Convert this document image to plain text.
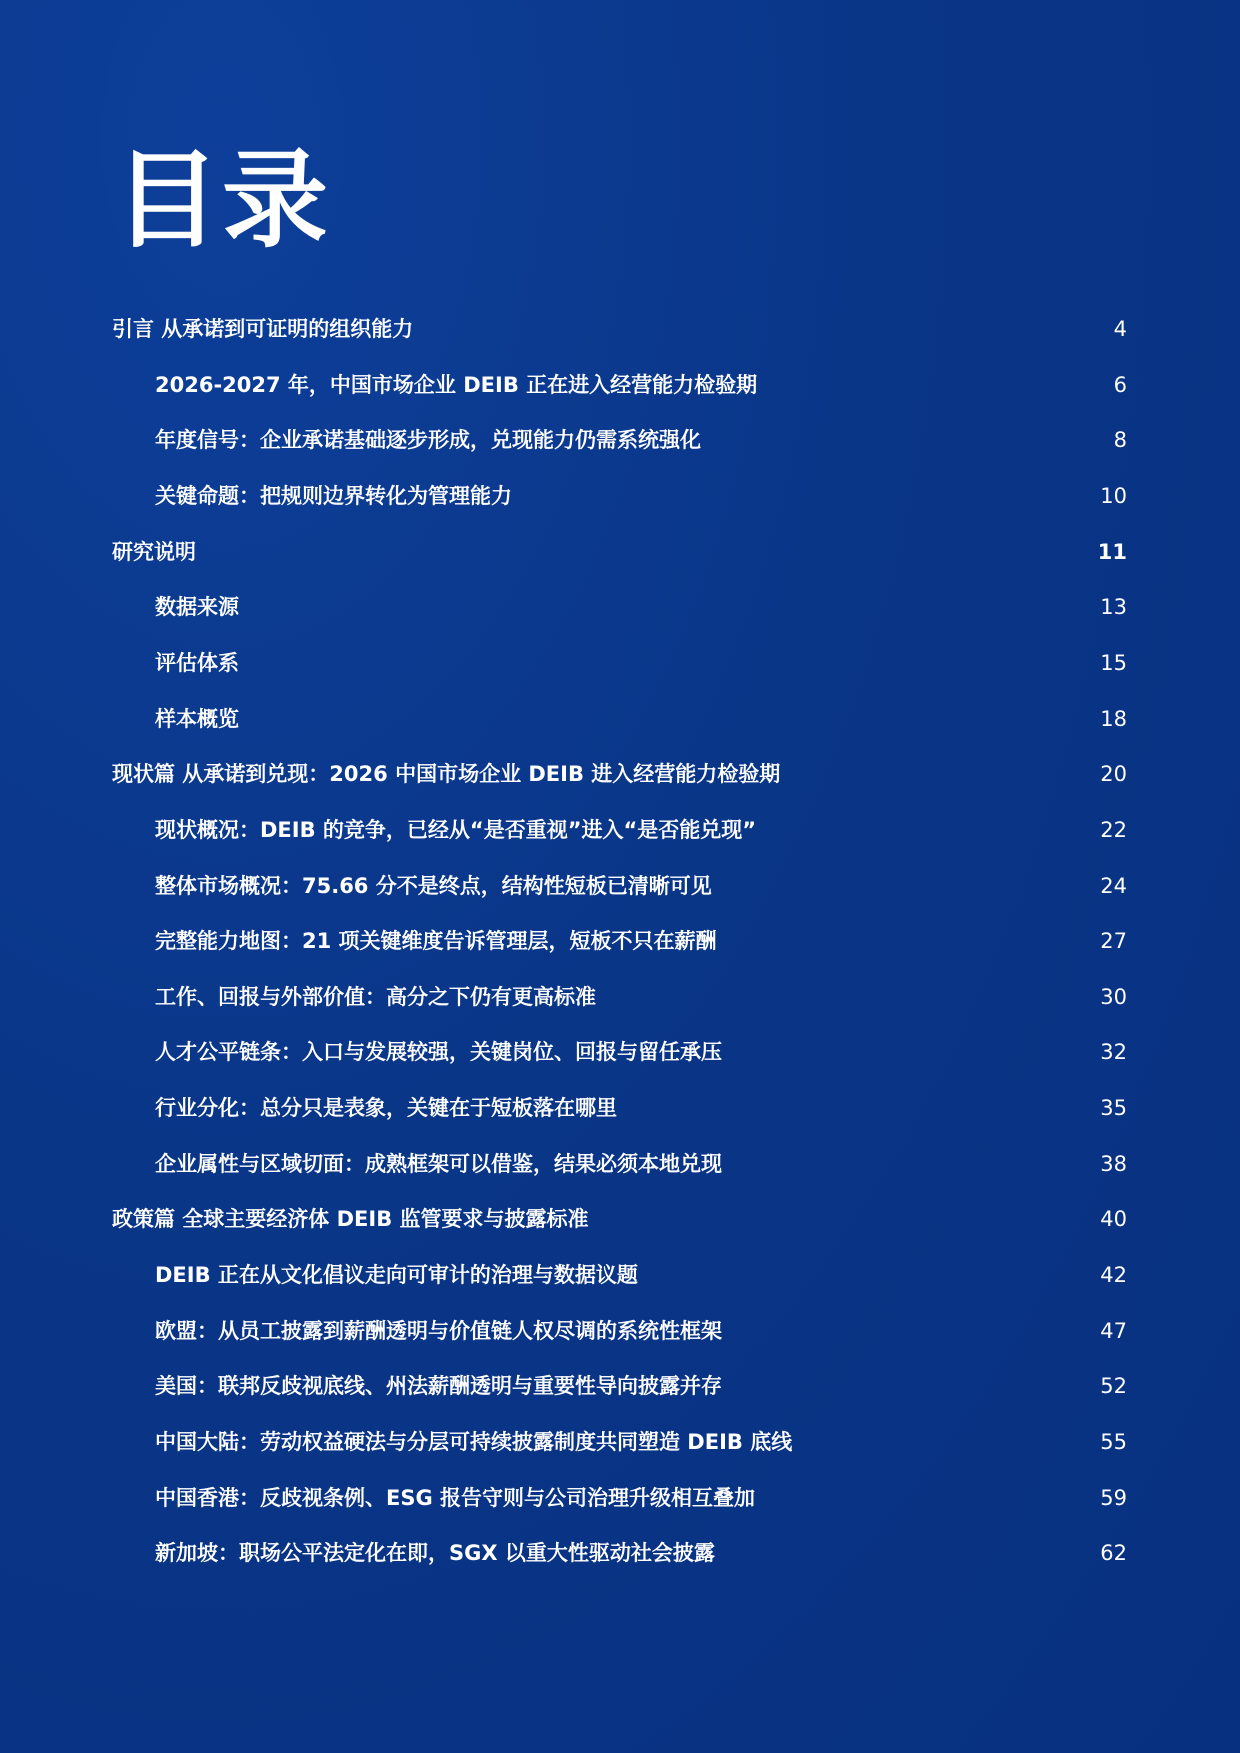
目录
引言 从承诺到可证明的组织能力	4
2026-2027 年，中国市场企业 DEIB 正在进入经营能力检验期	6
年度信号：企业承诺基础逐步形成，兑现能力仍需系统强化	8
关键命题：把规则边界转化为管理能力	10
研究说明	11
数据来源	13
评估体系	15
样本概览	18
现状篇 从承诺到兑现：2026 中国市场企业 DEIB 进入经营能力检验期	20
现状概况：DEIB 的竞争，已经从“是否重视”进入“是否能兑现”	22
整体市场概况：75.66 分不是终点，结构性短板已清晰可见	24
完整能力地图：21 项关键维度告诉管理层，短板不只在薪酬	27
工作、回报与外部价值：高分之下仍有更高标准	30
人才公平链条：入口与发展较强，关键岗位、回报与留任承压	32
行业分化：总分只是表象，关键在于短板落在哪里	35
企业属性与区域切面：成熟框架可以借鉴，结果必须本地兑现	38
政策篇 全球主要经济体 DEIB 监管要求与披露标准	40
DEIB 正在从文化倡议走向可审计的治理与数据议题	42
欧盟：从员工披露到薪酬透明与价值链人权尽调的系统性框架	47
美国：联邦反歧视底线、州法薪酬透明与重要性导向披露并存	52
中国大陆：劳动权益硬法与分层可持续披露制度共同塑造 DEIB 底线	55
中国香港：反歧视条例、ESG 报告守则与公司治理升级相互叠加	59
新加坡：职场公平法定化在即，SGX 以重大性驱动社会披露	62
